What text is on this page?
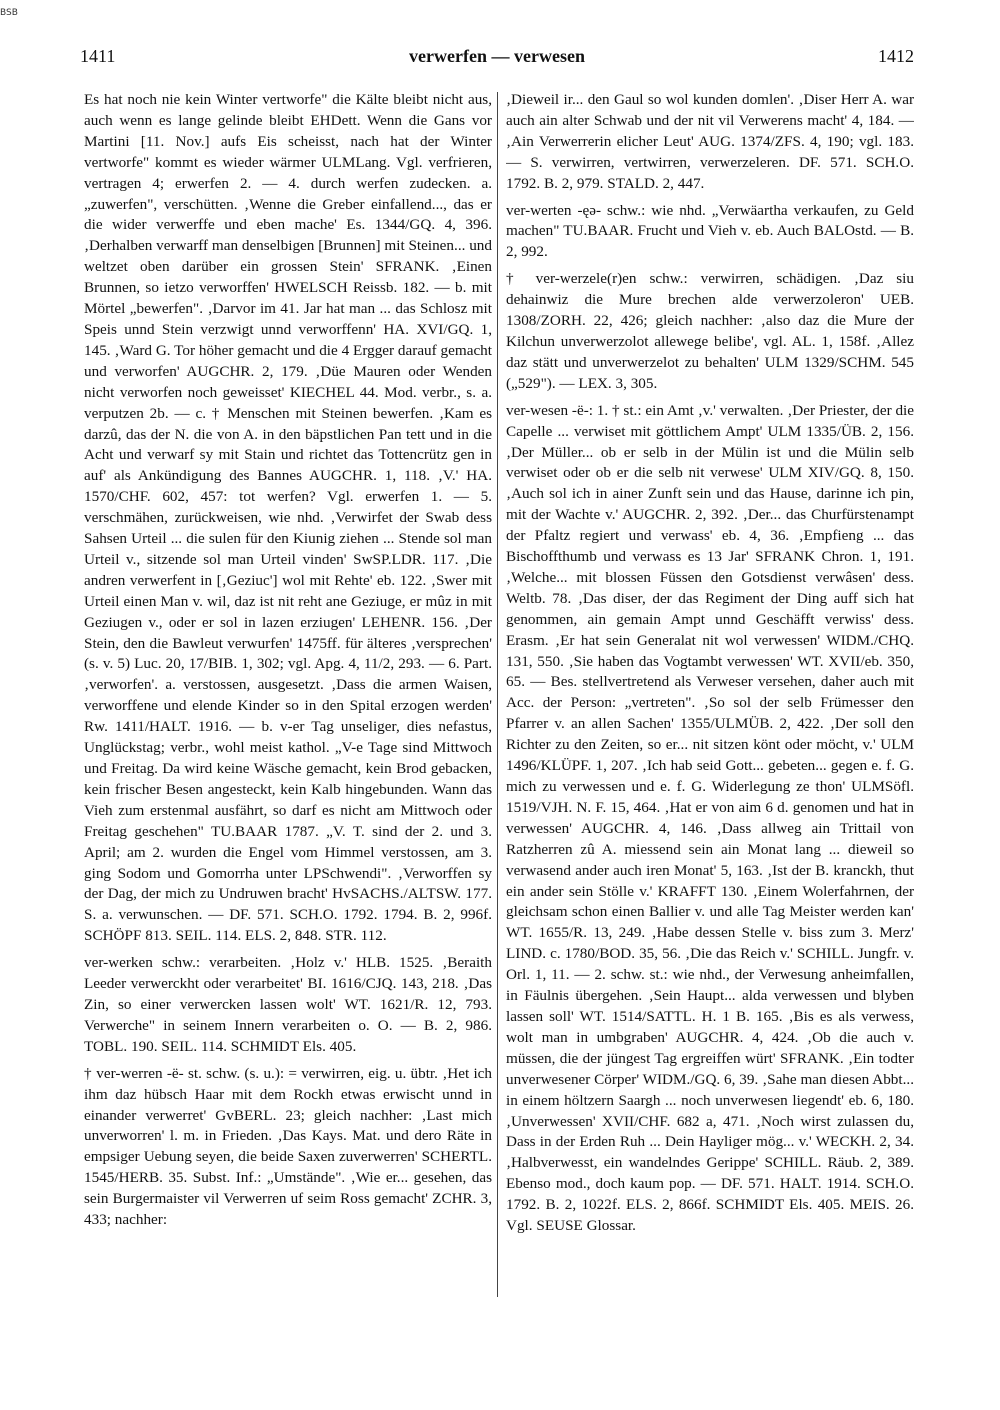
BSB
1411	verwerfen — verwesen	1412

Es hat noch nie kein Winter vertworfe" die Kälte bleibt nicht aus, auch wenn es lange gelinde bleibt EHDett. Wenn die Gans vor Martini [11. Nov.] aufs Eis scheisst, nach hat der Winter vertworfe" kommt es wieder wärmer ULMLang. Vgl. verfrieren, vertragen 4; erwerfen 2. — 4. durch werfen zudecken. a. „zuwerfen", verschütten. ‚Wenne die Greber einfallend..., das er die wider verwerffe und eben mache' Es. 1344/GQ. 4, 396. ‚Derhalben verwarff man denselbigen [Brunnen] mit Steinen... und weltzet oben darüber ein grossen Stein' SFRANK. ‚Einen Brunnen, so ietzo verworffen' HWELSCH Reissb. 182. — b. mit Mörtel „bewerfen". ‚Darvor im 41. Jar hat man ... das Schlosz mit Speis unnd Stein verzwigt unnd verworffenn' HA. XVI/GQ. 1, 145. ‚Ward G. Tor höher gemacht und die 4 Ergger darauf gemacht und verworfen' AUGCHR. 2, 179. ‚Düe Mauren oder Wenden nicht verworfen noch geweisset' KIECHEL 44. Mod. verbr., s. a. verputzen 2b. — c. † Menschen mit Steinen bewerfen. ‚Kam es darzû, das der N. die von A. in den bäpstlichen Pan tett und in die Acht und verwarf sy mit Stain und richtet das Tottencrütz gen in auf' als Ankündigung des Bannes AUGCHR. 1, 118. ‚V.' HA. 1570/CHF. 602, 457: tot werfen? Vgl. erwerfen 1. — 5. verschmähen, zurückweisen, wie nhd. ‚Verwirfet der Swab dess Sahsen Urteil ... die sulen für den Kiunig ziehen ... Stende sol man Urteil v., sitzende sol man Urteil vinden' SwSP.LDR. 117. ‚Die andren verwerfent in [‚Geziuc'] wol mit Rehte' eb. 122. ‚Swer mit Urteil einen Man v. wil, daz ist nit reht ane Geziuge, er mûz in mit Geziugen v., oder er sol in lazen erziugen' LEHENR. 156. ‚Der Stein, den die Bawleut verwurfen' 1475ff. für älteres ‚versprechen' (s. v. 5) Luc. 20, 17/BIB. 1, 302; vgl. Apg. 4, 11/2, 293. — 6. Part. ‚verworfen'. a. verstossen, ausgesetzt. ‚Dass die armen Waisen, verworffene und elende Kinder so in den Spital erzogen werden' Rw. 1411/HALT. 1916. — b. v-er Tag unseliger, dies nefastus, Unglückstag; verbr., wohl meist kathol. „V-e Tage sind Mittwoch und Freitag. Da wird keine Wäsche gemacht, kein Brod gebacken, kein frischer Besen angesteckt, kein Kalb hingebunden. Wann das Vieh zum erstenmal ausfährt, so darf es nicht am Mittwoch oder Freitag geschehen" TU.BAAR 1787. „V. T. sind der 2. und 3. April; am 2. wurden die Engel vom Himmel verstossen, am 3. ging Sodom und Gomorrha unter LPSchwendi". ‚Verworffen sy der Dag, der mich zu Undruwen bracht' HvSACHS./ALTSW. 177. S. a. verwunschen. — DF. 571. SCH.O. 1792. 1794. B. 2, 996f. SCHÖPF 813. SEIL. 114. ELS. 2, 848. STR. 112.

ver-werken schw.: verarbeiten. ‚Holz v.' HLB. 1525. ‚Beraith Leeder verwerckht oder verarbeitet' BI. 1616/CJQ. 143, 218. ‚Das Zin, so einer verwercken lassen wolt' WT. 1621/R. 12, 793. Verwerche" in seinem Innern verarbeiten o. O. — B. 2, 986. TOBL. 190. SEIL. 114. SCHMIDT Els. 405.

† ver-werren -ë- st. schw. (s. u.): = verwirren, eig. u. übtr. ‚Het ich ihm daz hübsch Haar mit dem Rockh etwas erwischt unnd in einander verwerret' GvBERL. 23; gleich nachher: ‚Last mich unverworren' l. m. in Frieden. ‚Das Kays. Mat. und dero Räte in empsiger Uebung seyen, die beide Saxen zuverwerren' SCHERTL. 1545/HERB. 35. Subst. Inf.: „Umstände". ‚Wie er... gesehen, das sein Burgermaister vil Verwerren uf seim Ross gemacht' ZCHR. 3, 433; nachher:

‚Dieweil ir... den Gaul so wol kunden domlen'. ‚Diser Herr A. war auch ain alter Schwab und der nit vil Verwerens macht' 4, 184. — ‚Ain Verwerrerin elicher Leut' AUG. 1374/ZFS. 4, 190; vgl. 183. — S. verwirren, vertwirren, verwerzeleren. DF. 571. SCH.O. 1792. B. 2, 979. STALD. 2, 447.

ver-werten -ęə- schw.: wie nhd. „Verwäartha verkaufen, zu Geld machen" TU.BAAR. Frucht und Vieh v. eb. Auch BALOstd. — B. 2, 992.

† ver-werzele(r)en schw.: verwirren, schädigen. ‚Daz siu dehainwiz die Mure brechen alde verwerzoleron' UEB. 1308/ZORH. 22, 426; gleich nachher: ‚also daz die Mure der Kilchun unverwerzolot allewege belibe', vgl. AL. 1, 158f. ‚Allez daz stätt und unverwerzelot zu behalten' ULM 1329/SCHM. 545 („529"). — LEX. 3, 305.

ver-wesen -ë-: 1. † st.: ein Amt ‚v.' verwalten. ‚Der Priester, der die Capelle ... verwiset mit göttlichem Ampt' ULM 1335/ÜB. 2, 156. ‚Der Müller... ob er selb in der Mülin ist und die Mülin selb verwiset oder ob er die selb nit verwese' ULM XIV/GQ. 8, 150. ‚Auch sol ich in ainer Zunft sein und das Hause, darinne ich pin, mit der Wachte v.' AUGCHR. 2, 392. ‚Der... das Churfürstenampt der Pfaltz regiert und verwass' eb. 4, 36. ‚Empfieng ... das Bischoffthumb und verwass es 13 Jar' SFRANK Chron. 1, 191. ‚Welche... mit blossen Füssen den Gotsdienst verwâsen' dess. Weltb. 78. ‚Das diser, der das Regiment der Ding auff sich hat genommen, ain gemain Ampt unnd Geschäfft verwiss' dess. Erasm. ‚Er hat sein Generalat nit wol verwessen' WIDM./CHQ. 131, 550. ‚Sie haben das Vogtambt verwessen' WT. XVII/eb. 350, 65. — Bes. stellvertretend als Verweser versehen, daher auch mit Acc. der Person: „vertreten". ‚So sol der selb Frümesser den Pfarrer v. an allen Sachen' 1355/ULMÜB. 2, 422. ‚Der soll den Richter zu den Zeiten, so er... nit sitzen könt oder möcht, v.' ULM 1496/KLÜPF. 1, 207. ‚Ich hab seid Gott... gebeten... gegen e. f. G. mich zu verwessen und e. f. G. Widerlegung ze thon' ULMSöfl. 1519/VJH. N. F. 15, 464. ‚Hat er von aim 6 d. genomen und hat in verwessen' AUGCHR. 4, 146. ‚Dass allweg ain Trittail von Ratzherren zû A. miessend sein ain Monat lang ... dieweil so verwasend ander auch iren Monat' 5, 163. ‚Ist der B. kranckh, thut ein ander sein Stölle v.' KRAFFT 130. ‚Einem Wolerfahrnen, der gleichsam schon einen Ballier v. und alle Tag Meister werden kan' WT. 1655/R. 13, 249. ‚Habe dessen Stelle v. biss zum 3. Merz' LIND. c. 1780/BOD. 35, 56. ‚Die das Reich v.' SCHILL. Jungfr. v. Orl. 1, 11. — 2. schw. st.: wie nhd., der Verwesung anheimfallen, in Fäulnis übergehen. ‚Sein Haupt... alda verwessen und blyben lassen soll' WT. 1514/SATTL. H. 1 B. 165. ‚Bis es als verwess, wolt man in umbgraben' AUGCHR. 4, 424. ‚Ob die auch v. müssen, die der jüngest Tag ergreiffen würt' SFRANK. ‚Ein todter unverwesener Cörper' WIDM./GQ. 6, 39. ‚Sahe man diesen Abbt... in einem höltzern Saargh ... noch unverwesen liegendt' eb. 6, 180. ‚Unverwessen' XVII/CHF. 682 a, 471. ‚Noch wirst zulassen du, Dass in der Erden Ruh ... Dein Hayliger mög... v.' WECKH. 2, 34. ‚Halbverwesst, ein wandelndes Gerippe' SCHILL. Räub. 2, 389. Ebenso mod., doch kaum pop. — DF. 571. HALT. 1914. SCH.O. 1792. B. 2, 1022f. ELS. 2, 866f. SCHMIDT Els. 405. MEIS. 26. Vgl. SEUSE Glossar.
